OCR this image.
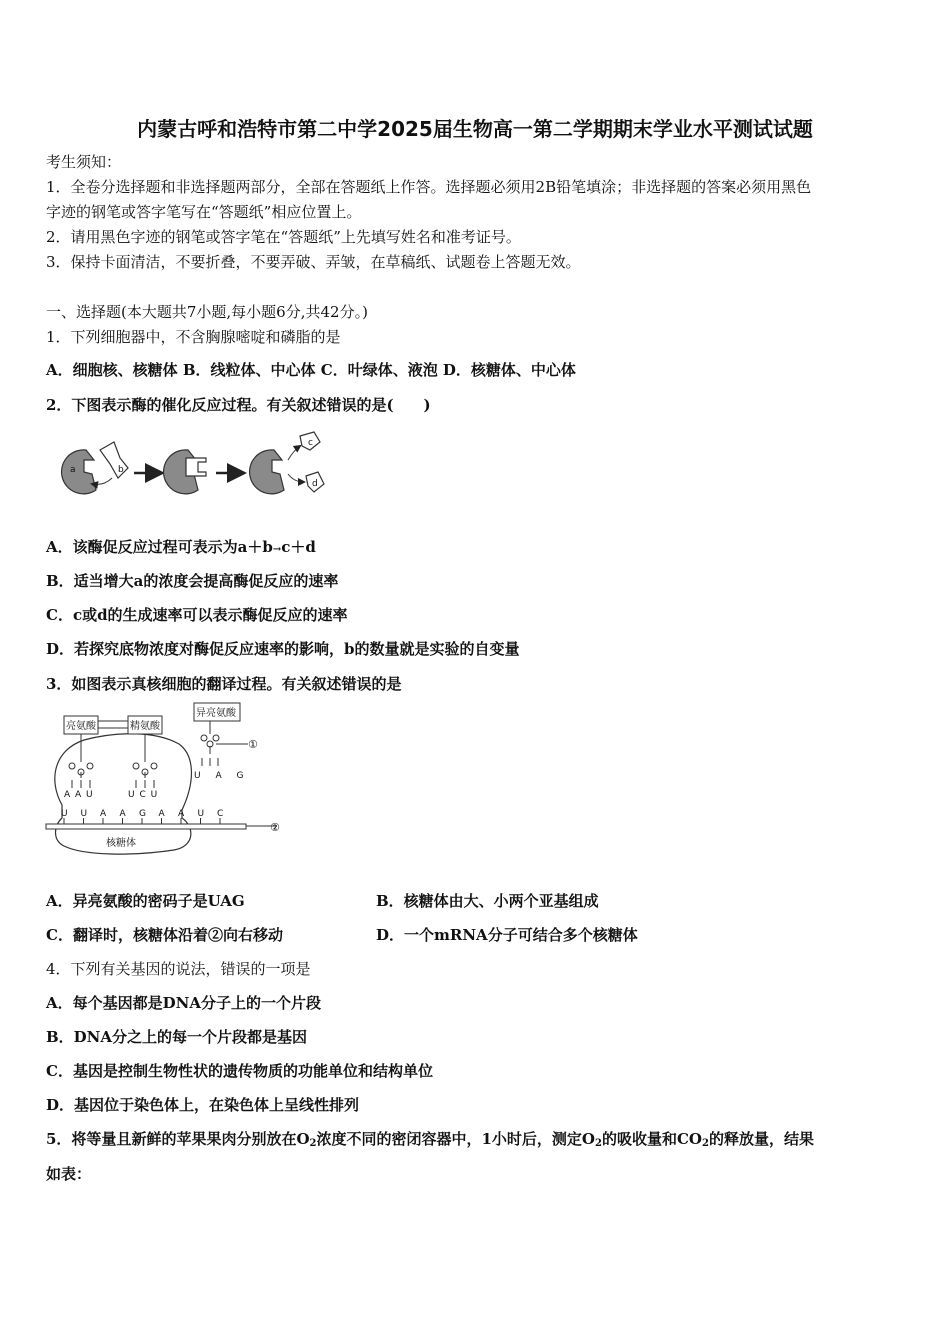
内蒙古呼和浩特市第二中学2025届生物高一第二学期期末学业水平测试试题
考生须知：
1．全卷分选择题和非选择题两部分，全部在答题纸上作答。选择题必须用2B铅笔填涂；非选择题的答案必须用黑色
字迹的钢笔或答字笔写在“答题纸”相应位置上。
2．请用黑色字迹的钢笔或答字笔在“答题纸”上先填写姓名和准考证号。
3．保持卡面清洁，不要折叠，不要弄破、弄皱，在草稿纸、试题卷上答题无效。
一、选择题(本大题共7小题,每小题6分,共42分。)
1．下列细胞器中，不含胸腺嘧啶和磷脂的是
A．细胞核、核糖体 B．线粒体、中心体 C．叶绿体、液泡 D．核糖体、中心体
2．下图表示酶的催化反应过程。有关叙述错误的是(　　)
a	b
c
d
A．该酶促反应过程可表示为a＋b→c＋d
B．适当增大a的浓度会提高酶促反应的速率
C．c或d的生成速率可以表示酶促反应的速率
D．若探究底物浓度对酶促反应速率的影响，b的数量就是实验的自变量
3．如图表示真核细胞的翻译过程。有关叙述错误的是
亮氨酸	精氨酸
异亮氨酸
A A U	U C U
①
U A G
②
U U A A G A A U C
核糖体
A．异亮氨酸的密码子是UAG	B．核糖体由大、小两个亚基组成
C．翻译时，核糖体沿着②向右移动	D．一个mRNA分子可结合多个核糖体
4．下列有关基因的说法，错误的一项是
A．每个基因都是DNA分子上的一个片段
B．DNA分之上的每一个片段都是基因
C．基因是控制生物性状的遗传物质的功能单位和结构单位
D．基因位于染色体上，在染色体上呈线性排列
5．将等量且新鲜的苹果果肉分别放在$O_2$浓度不同的密闭容器中，1小时后，测定$O_2$的吸收量和$CO_2$的释放量，结果
如表：
